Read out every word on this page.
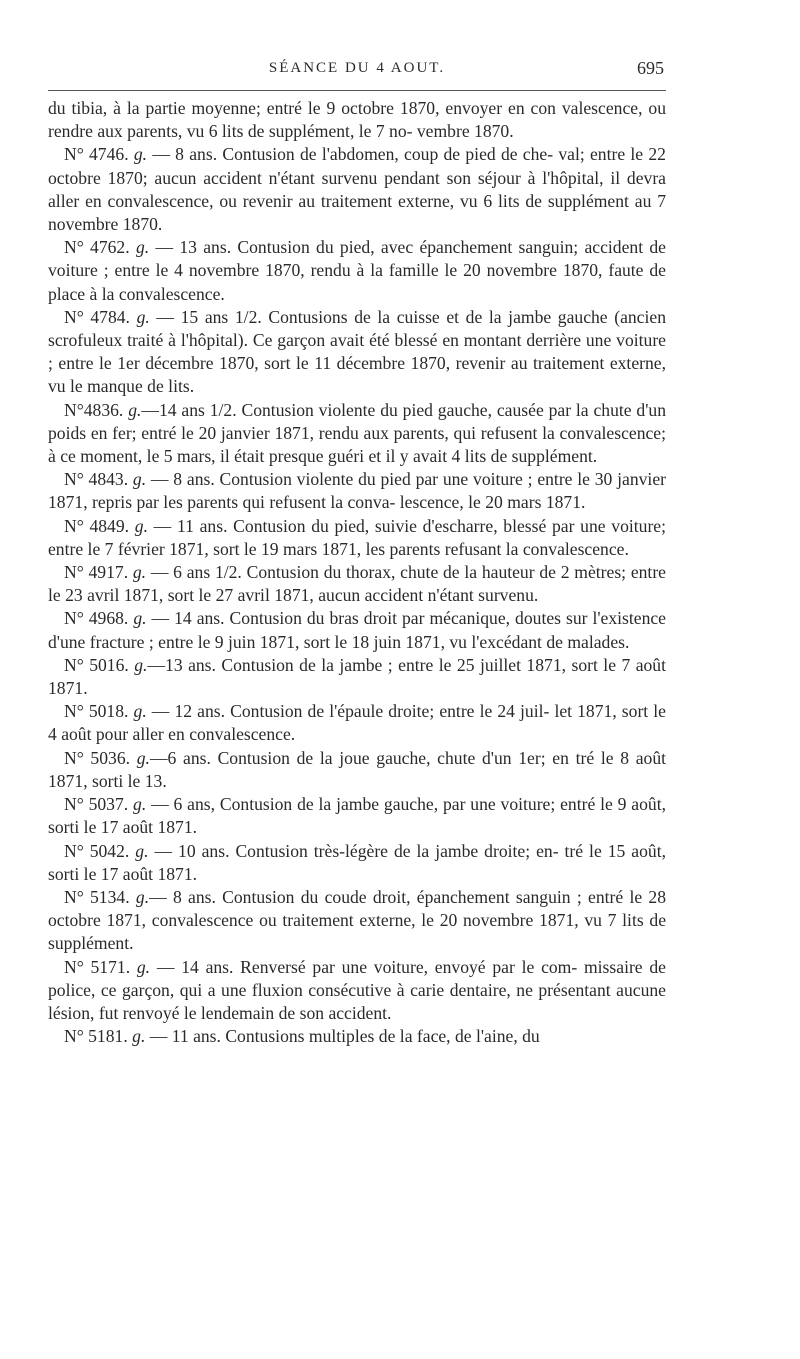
SÉANCE DU 4 AOUT.	695

du tibia, à la partie moyenne; entré le 9 octobre 1870, envoyer en con valescence, ou rendre aux parents, vu 6 lits de supplément, le 7 no- vembre 1870.

N° 4746. g. — 8 ans. Contusion de l'abdomen, coup de pied de che- val; entre le 22 octobre 1870; aucun accident n'étant survenu pendant son séjour à l'hôpital, il devra aller en convalescence, ou revenir au traitement externe, vu 6 lits de supplément au 7 novembre 1870.

N° 4762. g. — 13 ans. Contusion du pied, avec épanchement sanguin; accident de voiture ; entre le 4 novembre 1870, rendu à la famille le 20 novembre 1870, faute de place à la convalescence.

N° 4784. g. — 15 ans 1/2. Contusions de la cuisse et de la jambe gauche (ancien scrofuleux traité à l'hôpital). Ce garçon avait été blessé en montant derrière une voiture ; entre le 1er décembre 1870, sort le 11 décembre 1870, revenir au traitement externe, vu le manque de lits.

N°4836. g.—14 ans 1/2. Contusion violente du pied gauche, causée par la chute d'un poids en fer; entré le 20 janvier 1871, rendu aux parents, qui refusent la convalescence; à ce moment, le 5 mars, il était presque guéri et il y avait 4 lits de supplément.

N° 4843. g. — 8 ans. Contusion violente du pied par une voiture ; entre le 30 janvier 1871, repris par les parents qui refusent la conva- lescence, le 20 mars 1871.

N° 4849. g. — 11 ans. Contusion du pied, suivie d'escharre, blessé par une voiture; entre le 7 février 1871, sort le 19 mars 1871, les parents refusant la convalescence.

N° 4917. g. — 6 ans 1/2. Contusion du thorax, chute de la hauteur de 2 mètres; entre le 23 avril 1871, sort le 27 avril 1871, aucun accident n'étant survenu.

N° 4968. g. — 14 ans. Contusion du bras droit par mécanique, doutes sur l'existence d'une fracture ; entre le 9 juin 1871, sort le 18 juin 1871, vu l'excédant de malades.

N° 5016. g.—13 ans. Contusion de la jambe ; entre le 25 juillet 1871, sort le 7 août 1871.

N° 5018. g. — 12 ans. Contusion de l'épaule droite; entre le 24 juil- let 1871, sort le 4 août pour aller en convalescence.

N° 5036. g.—6 ans. Contusion de la joue gauche, chute d'un 1er; en tré le 8 août 1871, sorti le 13.

N° 5037. g. — 6 ans, Contusion de la jambe gauche, par une voiture; entré le 9 août, sorti le 17 août 1871.

N° 5042. g. — 10 ans. Contusion très-légère de la jambe droite; en- tré le 15 août, sorti le 17 août 1871.

N° 5134. g.— 8 ans. Contusion du coude droit, épanchement sanguin ; entré le 28 octobre 1871, convalescence ou traitement externe, le 20 novembre 1871, vu 7 lits de supplément.

N° 5171. g. — 14 ans. Renversé par une voiture, envoyé par le com- missaire de police, ce garçon, qui a une fluxion consécutive à carie dentaire, ne présentant aucune lésion, fut renvoyé le lendemain de son accident.

N° 5181. g. — 11 ans. Contusions multiples de la face, de l'aine, du
